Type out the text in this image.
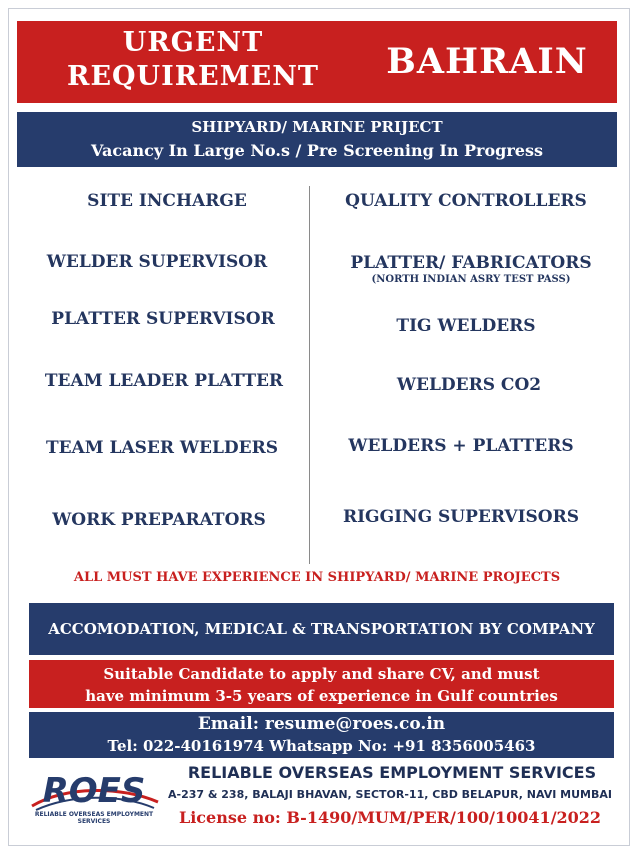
URGENT
REQUIREMENT	BAHRAIN
SHIPYARD/ MARINE PRIJECT
Vacancy In Large No.s / Pre Screening In Progress
SITE INCHARGE
WELDER SUPERVISOR
PLATTER SUPERVISOR
TEAM LEADER PLATTER
TEAM LASER WELDERS
WORK PREPARATORS
QUALITY CONTROLLERS
PLATTER/ FABRICATORS
(NORTH INDIAN ASRY TEST PASS)
TIG WELDERS
WELDERS CO2
WELDERS + PLATTERS
RIGGING SUPERVISORS
ALL MUST HAVE EXPERIENCE IN SHIPYARD/ MARINE PROJECTS
ACCOMODATION, MEDICAL & TRANSPORTATION BY COMPANY
Suitable Candidate to apply and share CV, and must
have minimum 3-5 years of experience in Gulf countries
Email: resume@roes.co.in
Tel: 022-40161974 Whatsapp No: +91 8356005463
ROES
RELIABLE OVERSEAS EMPLOYMENT SERVICES
RELIABLE OVERSEAS EMPLOYMENT SERVICES
A-237 & 238, BALAJI BHAVAN, SECTOR-11, CBD BELAPUR, NAVI MUMBAI
License no: B-1490/MUM/PER/100/10041/2022
